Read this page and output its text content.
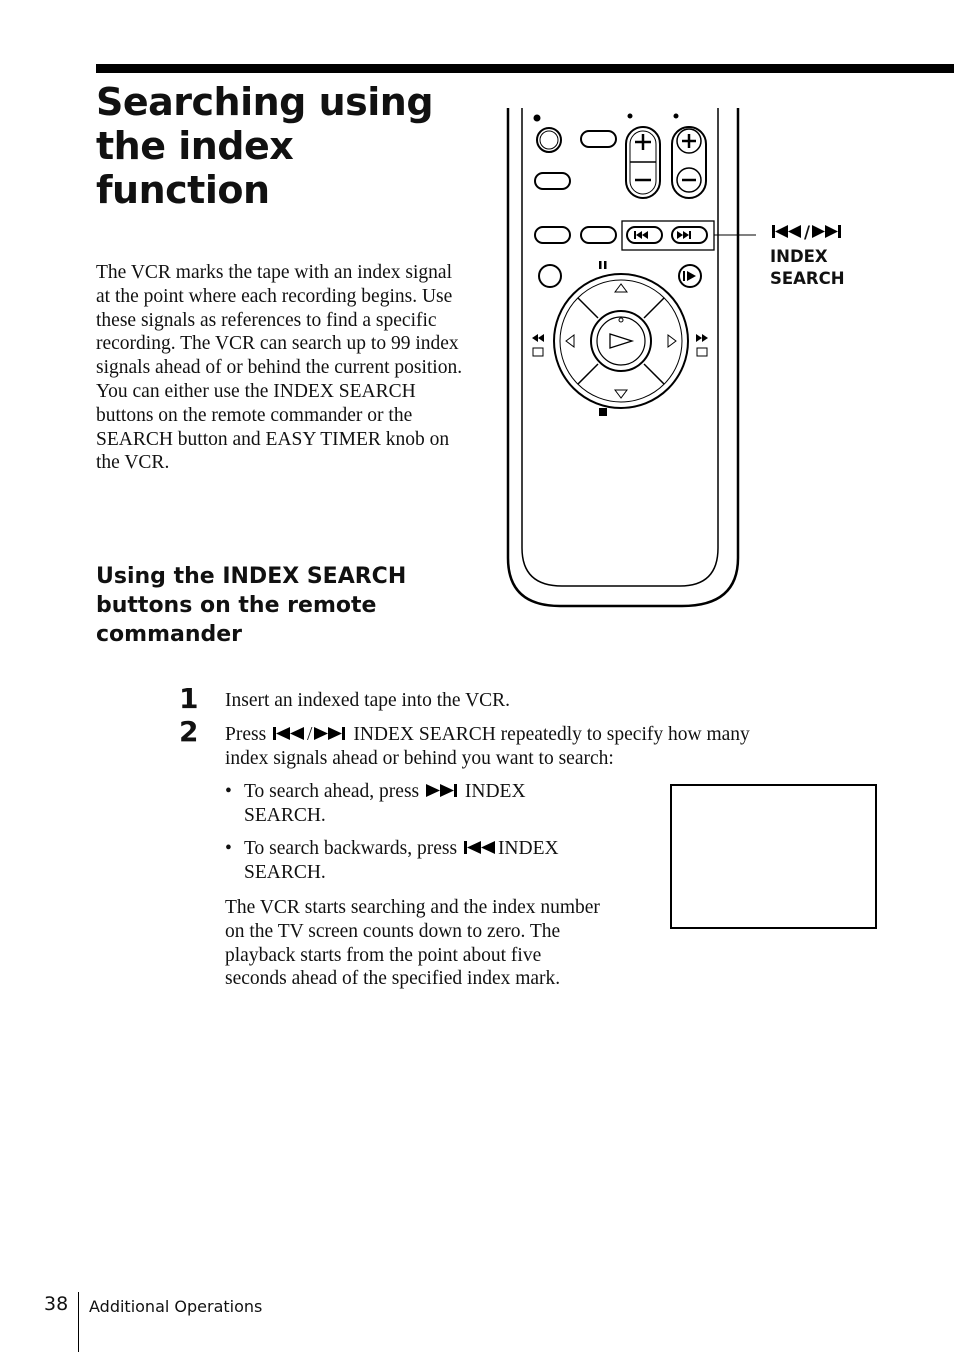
Searching using the index function

The VCR marks the tape with an index signal at the point where each recording begins. Use these signals as references to find a specific recording. The VCR can search up to 99 index signals ahead of or behind the current position. You can either use the INDEX SEARCH buttons on the remote commander or the SEARCH button and EASY TIMER knob on the VCR.

Using the INDEX SEARCH buttons on the remote commander
/
INDEX
SEARCH
1 Insert an indexed tape into the VCR.

2 Press / INDEX SEARCH repeatedly to specify how many

index signals ahead or behind you want to search:

• To search ahead, press INDEX
SEARCH.
• To search backwards, press INDEX
SEARCH.

The VCR starts searching and the index number on the TV screen counts down to zero. The playback starts from the point about five seconds ahead of the specified index mark.

38 Additional Operations
